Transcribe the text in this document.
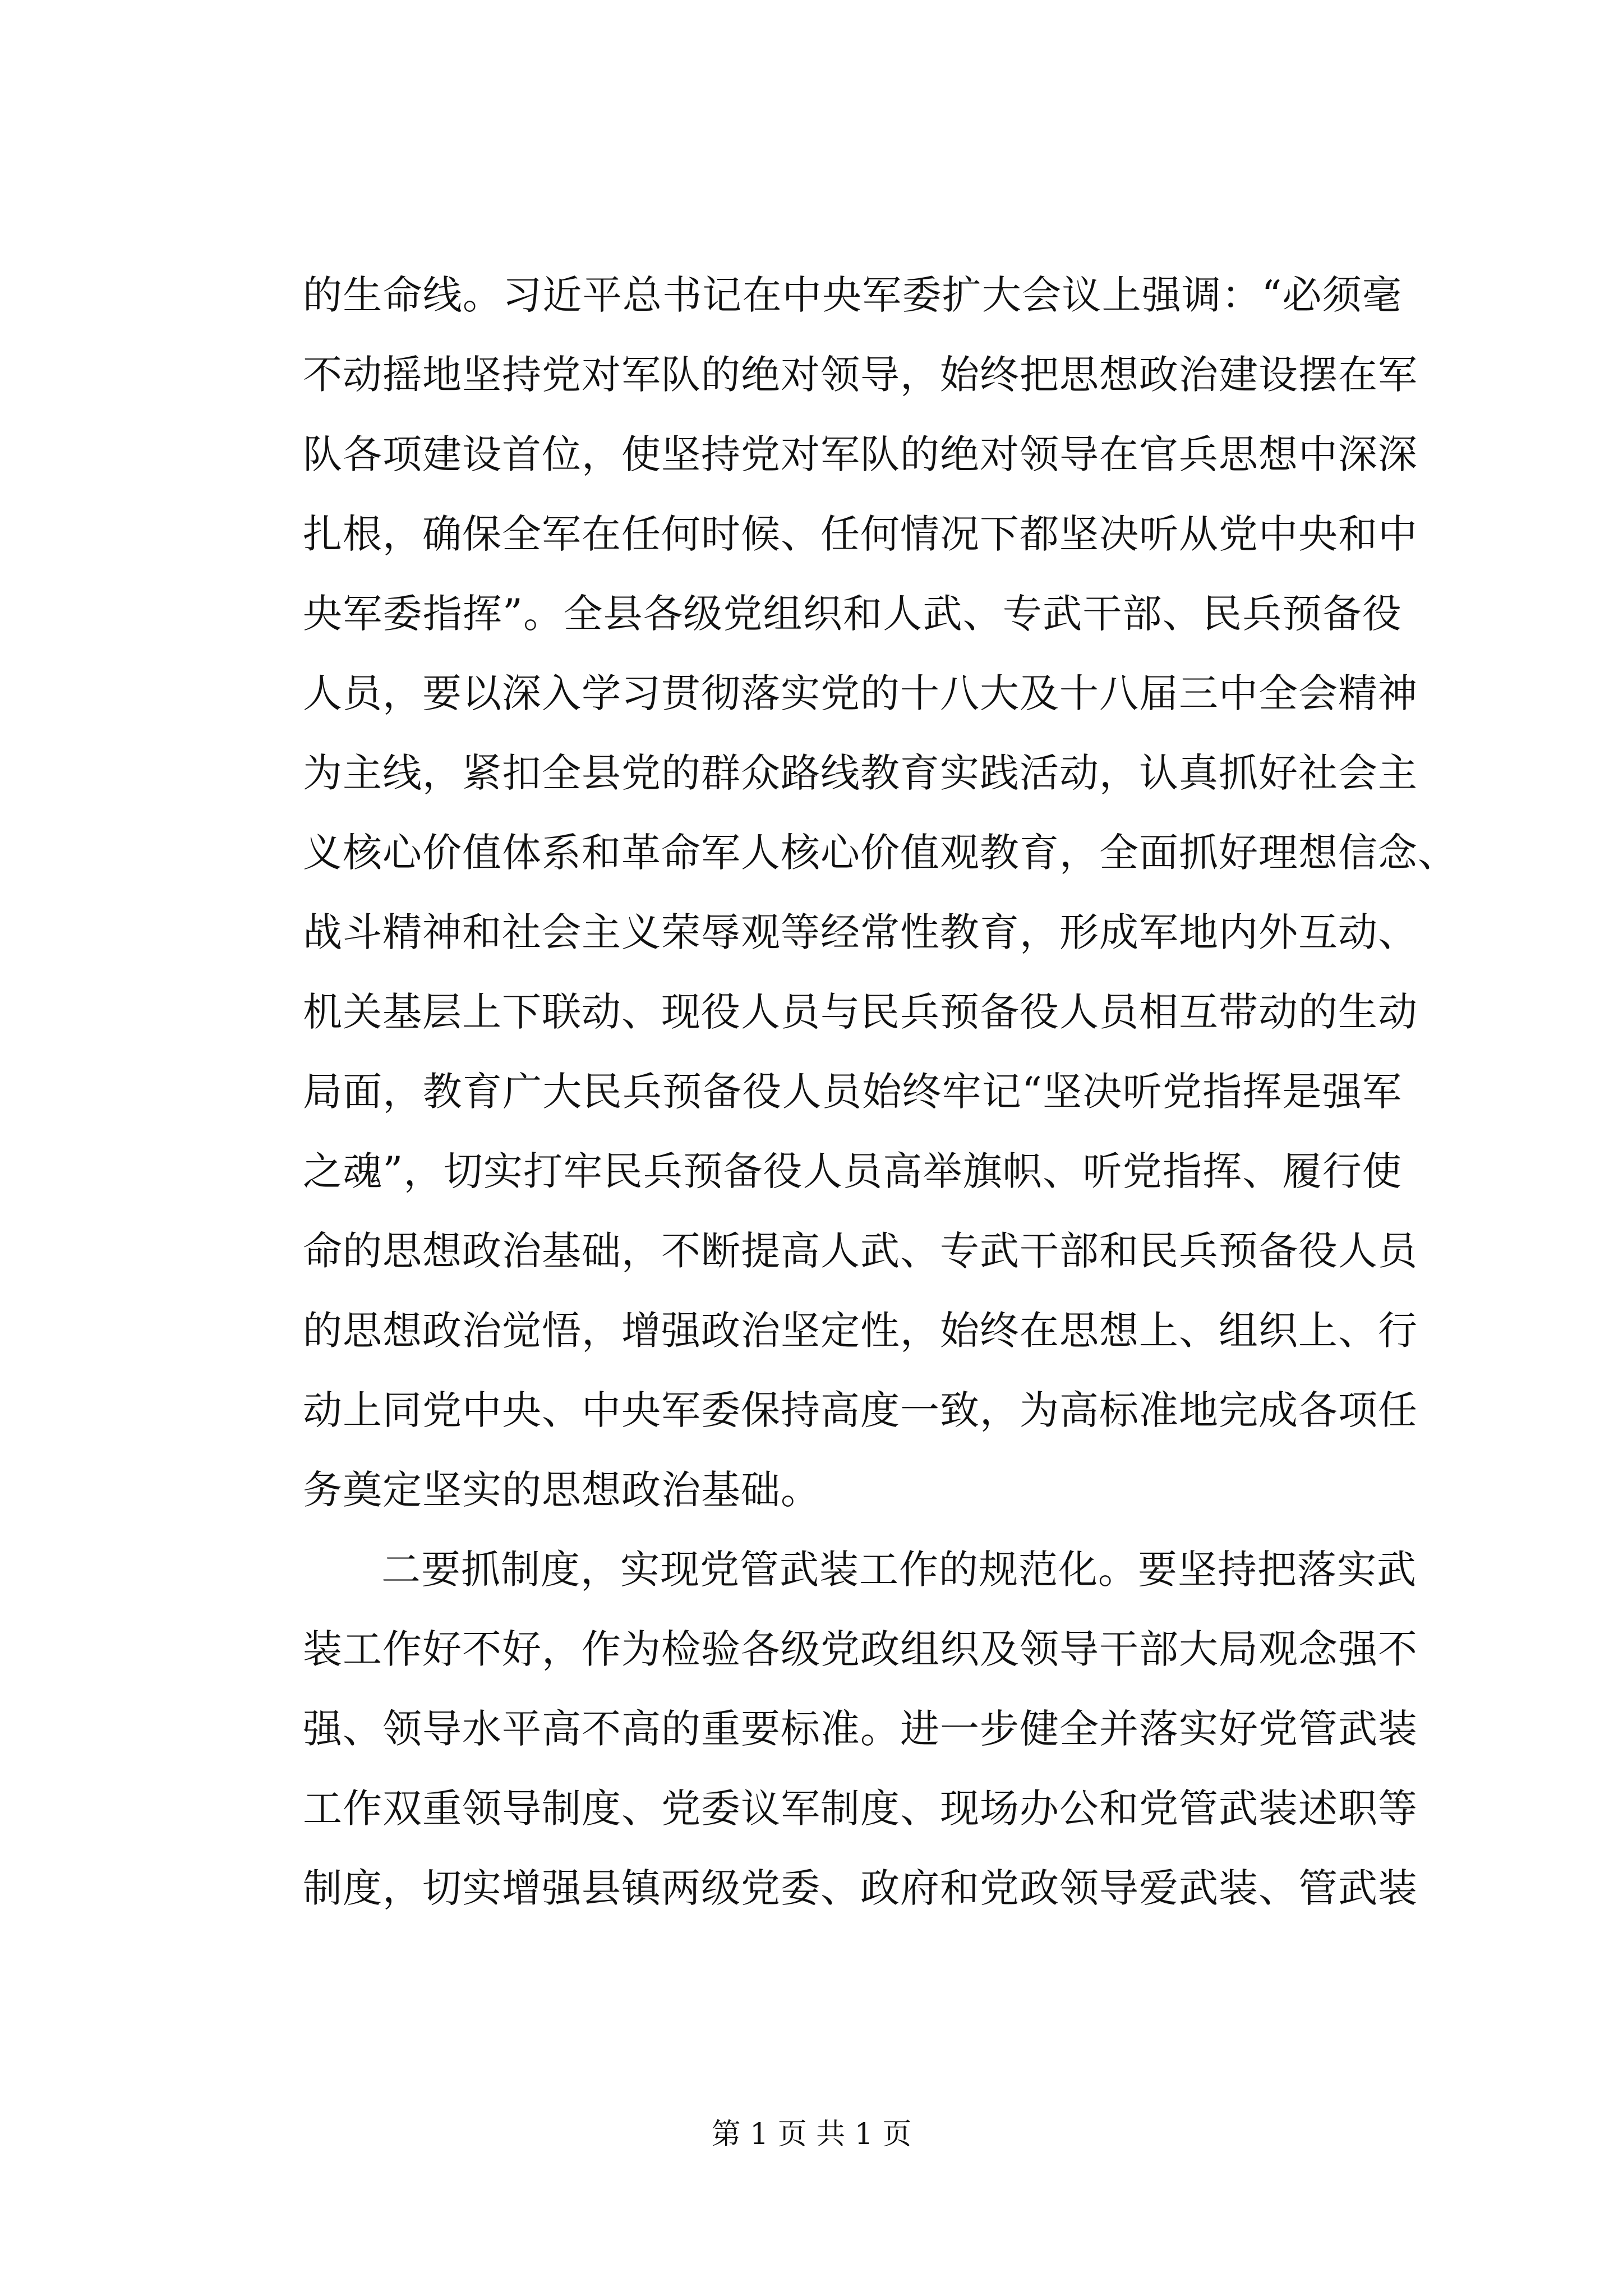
的生命线。习近平总书记在中央军委扩大会议上强调：“必须毫
不动摇地坚持党对军队的绝对领导，始终把思想政治建设摆在军
队各项建设首位，使坚持党对军队的绝对领导在官兵思想中深深
扎根，确保全军在任何时候、任何情况下都坚决听从党中央和中
央军委指挥”。全县各级党组织和人武、专武干部、民兵预备役
人员，要以深入学习贯彻落实党的十八大及十八届三中全会精神
为主线，紧扣全县党的群众路线教育实践活动，认真抓好社会主
义核心价值体系和革命军人核心价值观教育，全面抓好理想信念、
战斗精神和社会主义荣辱观等经常性教育，形成军地内外互动、
机关基层上下联动、现役人员与民兵预备役人员相互带动的生动
局面，教育广大民兵预备役人员始终牢记“坚决听党指挥是强军
之魂”，切实打牢民兵预备役人员高举旗帜、听党指挥、履行使
命的思想政治基础，不断提高人武、专武干部和民兵预备役人员
的思想政治觉悟，增强政治坚定性，始终在思想上、组织上、行
动上同党中央、中央军委保持高度一致，为高标准地完成各项任
务奠定坚实的思想政治基础。
二要抓制度，实现党管武装工作的规范化。要坚持把落实武
装工作好不好，作为检验各级党政组织及领导干部大局观念强不
强、领导水平高不高的重要标准。进一步健全并落实好党管武装
工作双重领导制度、党委议军制度、现场办公和党管武装述职等
制度，切实增强县镇两级党委、政府和党政领导爱武装、管武装
第 1 页 共 1 页
